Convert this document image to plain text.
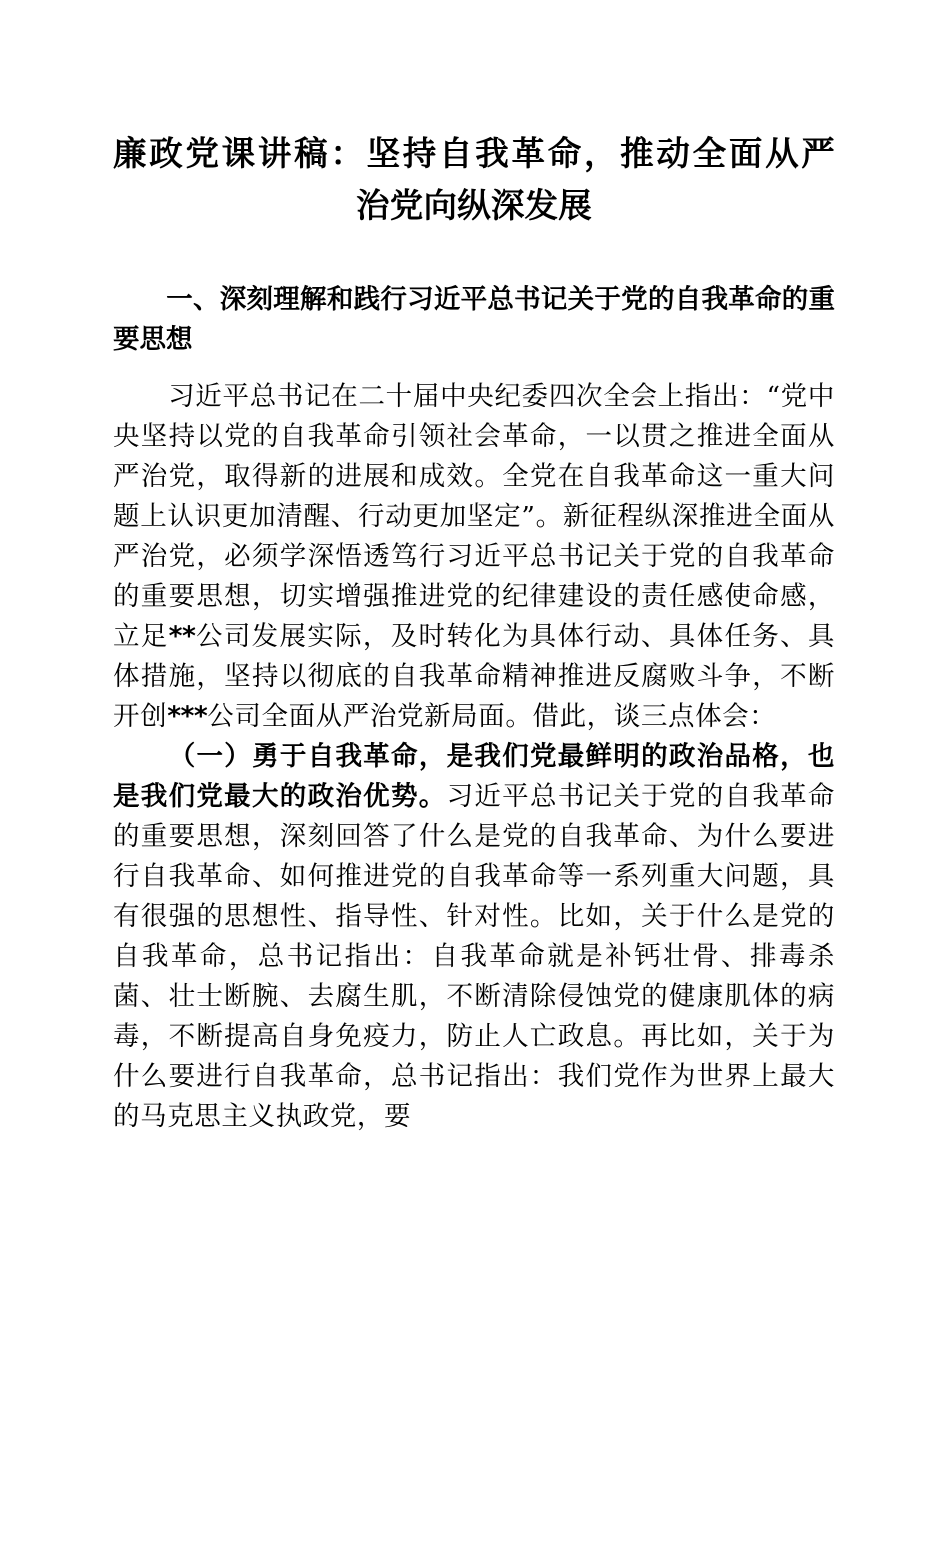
廉政党课讲稿：坚持自我革命，推动全面从严
治党向纵深发展
一、深刻理解和践行习近平总书记关于党的自我革命的重要思想

习近平总书记在二十届中央纪委四次全会上指出：“党中央坚持以党的自我革命引领社会革命，一以贯之推进全面从严治党，取得新的进展和成效。全党在自我革命这一重大问题上认识更加清醒、行动更加坚定”。新征程纵深推进全面从严治党，必须学深悟透笃行习近平总书记关于党的自我革命的重要思想，切实增强推进党的纪律建设的责任感使命感，立足**公司发展实际，及时转化为具体行动、具体任务、具体措施，坚持以彻底的自我革命精神推进反腐败斗争，不断开创***公司全面从严治党新局面。借此，谈三点体会：

（一）勇于自我革命，是我们党最鲜明的政治品格，也是我们党最大的政治优势。习近平总书记关于党的自我革命的重要思想，深刻回答了什么是党的自我革命、为什么要进行自我革命、如何推进党的自我革命等一系列重大问题，具有很强的思想性、指导性、针对性。比如，关于什么是党的自我革命，总书记指出：自我革命就是补钙壮骨、排毒杀菌、壮士断腕、去腐生肌，不断清除侵蚀党的健康肌体的病毒，不断提高自身免疫力，防止人亡政息。再比如，关于为什么要进行自我革命，总书记指出：我们党作为世界上最大的马克思主义执政党，要
